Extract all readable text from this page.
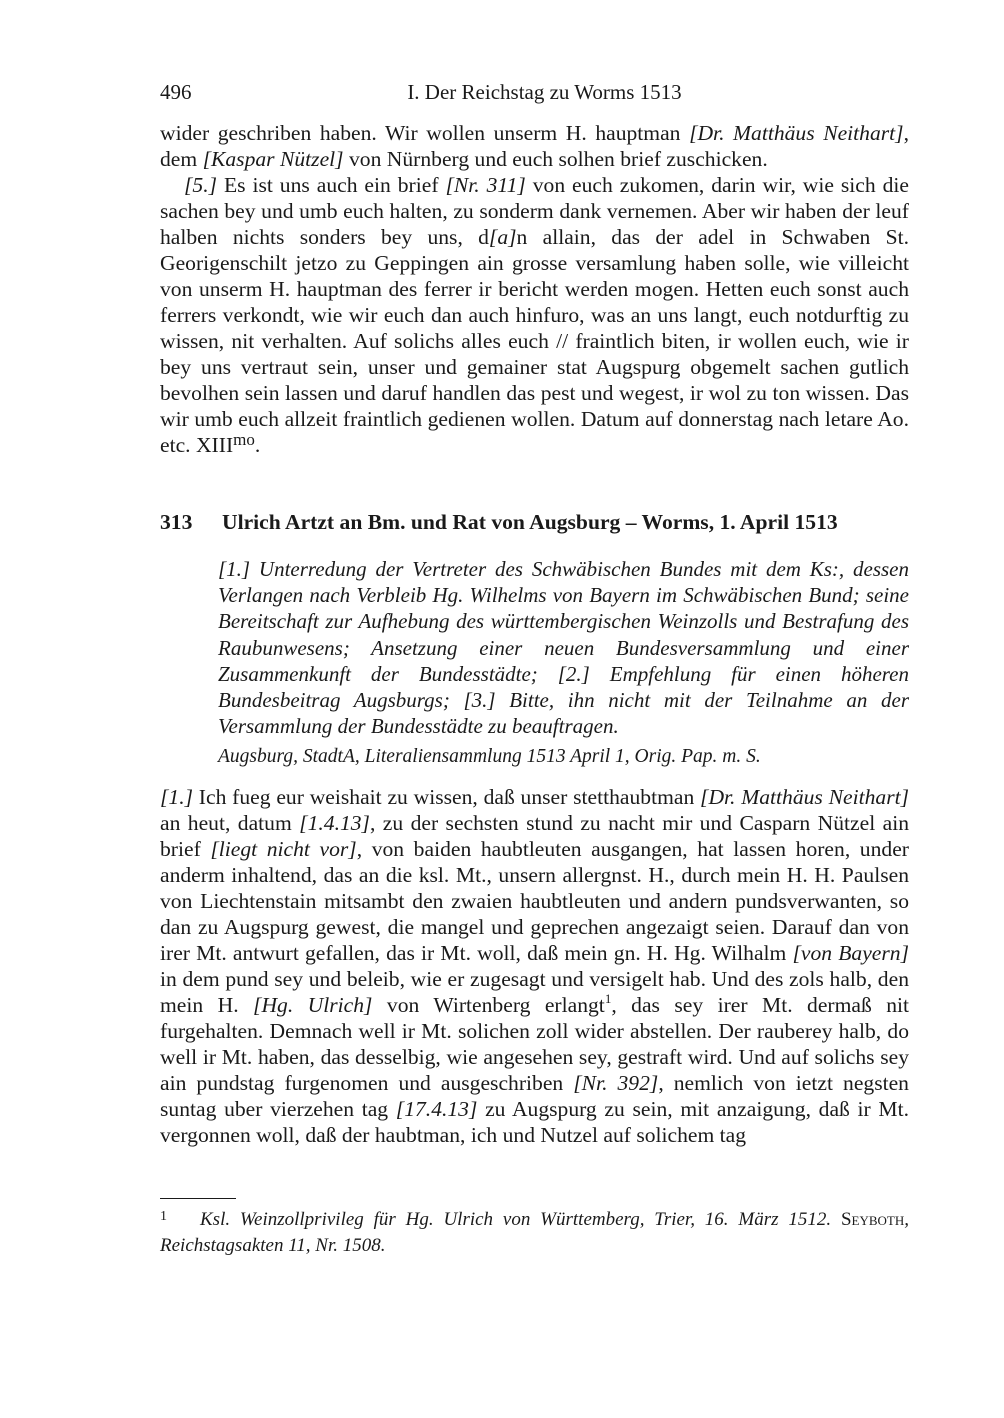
496	I. Der Reichstag zu Worms 1513

wider geschriben haben. Wir wollen unserm H. hauptman [Dr. Matthäus Neithart], dem [Kaspar Nützel] von Nürnberg und euch solhen brief zuschicken.

[5.] Es ist uns auch ein brief [Nr. 311] von euch zukomen, darin wir, wie sich die sachen bey und umb euch halten, zu sonderm dank vernemen. Aber wir haben der leuf halben nichts sonders bey uns, d[a]n allain, das der adel in Schwaben St. Georigenschilt jetzo zu Geppingen ain grosse versamlung haben solle, wie villeicht von unserm H. hauptman des ferrer ir bericht werden mogen. Hetten euch sonst auch ferrers verkondt, wie wir euch dan auch hinfuro, was an uns langt, euch notdurftig zu wissen, nit verhalten. Auf solichs alles euch // fraintlich biten, ir wollen euch, wie ir bey uns vertraut sein, unser und gemainer stat Augspurg obgemelt sachen gutlich bevolhen sein lassen und daruf handlen das pest und wegest, ir wol zu ton wissen. Das wir umb euch allzeit fraintlich gedienen wollen. Datum auf donnerstag nach letare Ao. etc. $XIII^{mo}$.

313 Ulrich Artzt an Bm. und Rat von Augsburg – Worms, 1. April 1513

[1.] Unterredung der Vertreter des Schwäbischen Bundes mit dem Ks:, dessen Verlangen nach Verbleib Hg. Wilhelms von Bayern im Schwäbischen Bund; seine Bereitschaft zur Aufhebung des württembergischen Weinzolls und Bestrafung des Raubunwesens; Ansetzung einer neuen Bundesversammlung und einer Zusammenkunft der Bundesstädte; [2.] Empfehlung für einen höheren Bundesbeitrag Augsburgs; [3.] Bitte, ihn nicht mit der Teilnahme an der Versammlung der Bundesstädte zu beauftragen.

Augsburg, StadtA, Literaliensammlung 1513 April 1, Orig. Pap. m. S.

[1.] Ich fueg eur weishait zu wissen, daß unser stetthaubtman [Dr. Matthäus Neithart] an heut, datum [1.4.13], zu der sechsten stund zu nacht mir und Casparn Nützel ain brief [liegt nicht vor], von baiden haubtleuten ausgangen, hat lassen horen, under anderm inhaltend, das an die ksl. Mt., unsern allergnst. H., durch mein H. H. Paulsen von Liechtenstain mitsambt den zwaien haubtleuten und andern pundsverwanten, so dan zu Augspurg gewest, die mangel und geprechen angezaigt seien. Darauf dan von irer Mt. antwurt gefallen, das ir Mt. woll, daß mein gn. H. Hg. Wilhalm [von Bayern] in dem pund sey und beleib, wie er zugesagt und versigelt hab. Und des zols halb, den mein H. [Hg. Ulrich] von Wirtenberg erlangt$^1$, das sey irer Mt. dermaß nit furgehalten. Demnach well ir Mt. solichen zoll wider abstellen. Der rauberey halb, do well ir Mt. haben, das desselbig, wie angesehen sey, gestraft wird. Und auf solichs sey ain pundstag furgenomen und ausgeschriben [Nr. 392], nemlich von ietzt negsten suntag uber vierzehen tag [17.4.13] zu Augspurg zu sein, mit anzaigung, daß ir Mt. vergonnen woll, daß der haubtman, ich und Nutzel auf solichem tag

1 Ksl. Weinzollprivileg für Hg. Ulrich von Württemberg, Trier, 16. März 1512. Seyboth, Reichstagsakten 11, Nr. 1508.
